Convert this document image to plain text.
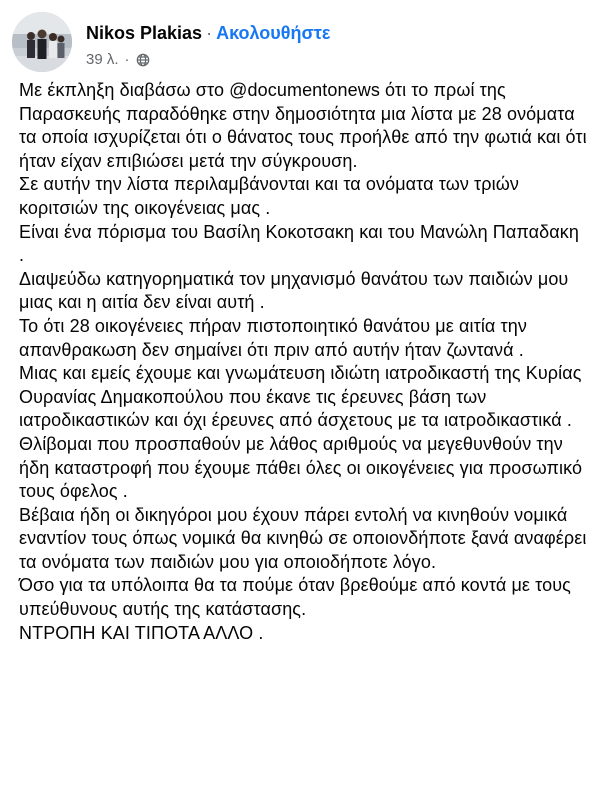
Nikos Plakias · Ακολουθήστε
39 λ. ·

Με έκπληξη διαβάσω στο @documentonews ότι το πρωί της Παρασκευής παραδόθηκε στην δημοσιότητα μια λίστα με 28 ονόματα τα οποία ισχυρίζεται ότι ο θάνατος τους προήλθε από την φωτιά και ότι ήταν είχαν επιβιώσει μετά την σύγκρουση.

Σε αυτήν την λίστα περιλαμβάνονται και τα ονόματα των τριών κοριτσιών της οικογένειας μας .

Είναι ένα πόρισμα του Βασίλη Κοκοτσακη και του Μανώλη Παπαδακη .

Διαψεύδω κατηγορηματικά τον μηχανισμό θανάτου των παιδιών μου μιας και η αιτία δεν είναι αυτή .

Το ότι 28 οικογένειες πήραν πιστοποιητικό θανάτου με αιτία την απανθρακωση δεν σημαίνει ότι πριν από αυτήν ήταν ζωντανά .

Μιας και εμείς έχουμε και γνωμάτευση ιδιώτη ιατροδικαστή της Κυρίας Ουρανίας Δημακοπούλου που έκανε τις έρευνες βάση των ιατροδικαστικών και όχι έρευνες από άσχετους με τα ιατροδικαστικά .

Θλίβομαι που προσπαθούν με λάθος αριθμούς να μεγεθυνθούν την ήδη καταστροφή που έχουμε πάθει όλες οι οικογένειες για προσωπικό τους όφελος .

Βέβαια ήδη οι δικηγόροι μου έχουν πάρει εντολή να κινηθούν νομικά εναντίον τους όπως νομικά θα κινηθώ σε οποιονδήποτε ξανά αναφέρει τα ονόματα των παιδιών μου για οποιοδήποτε λόγο.

Όσο για τα υπόλοιπα θα τα πούμε όταν βρεθούμε από κοντά με τους υπεύθυνους αυτής της κατάστασης.

ΝΤΡΟΠΗ ΚΑΙ ΤΙΠΟΤΑ ΑΛΛΟ .
